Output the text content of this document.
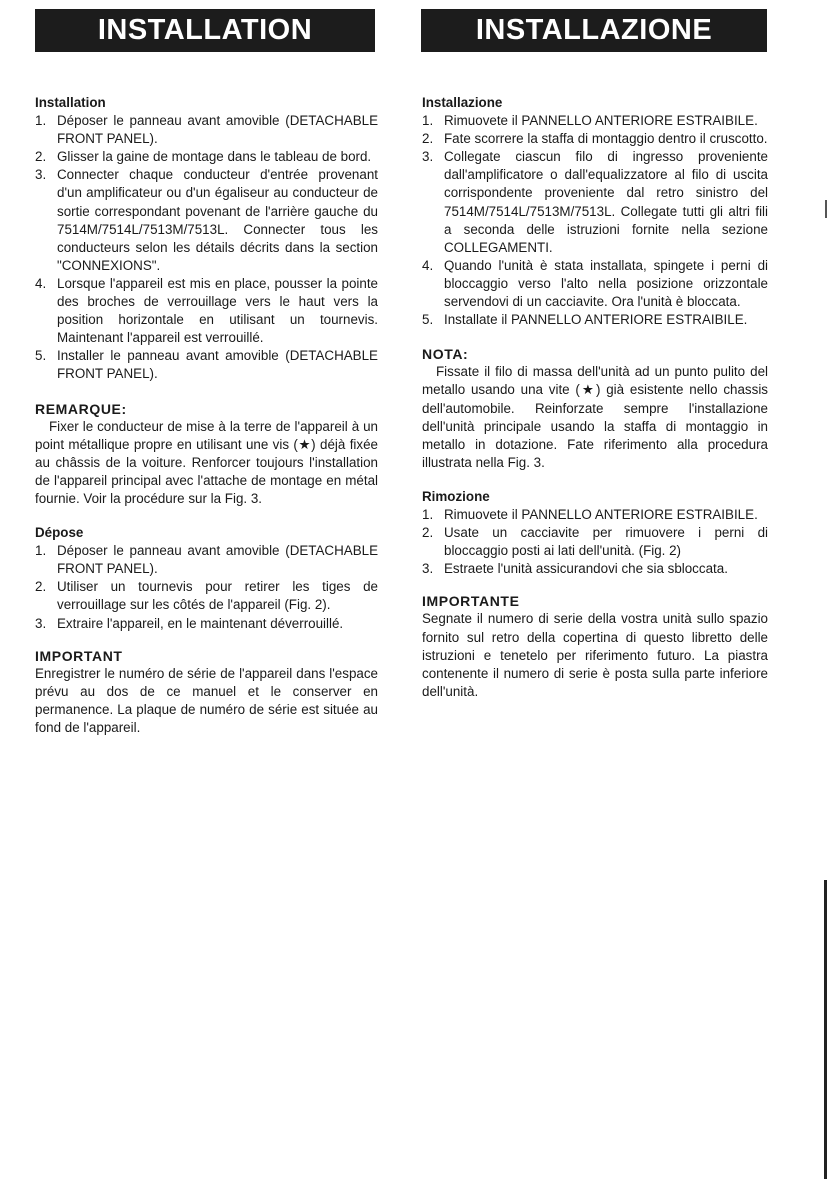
INSTALLATION	INSTALLAZIONE

Installation

1. Déposer le panneau avant amovible (DETACHABLE FRONT PANEL).
2. Glisser la gaine de montage dans le tableau de bord.
3. Connecter chaque conducteur d'entrée provenant d'un amplificateur ou d'un égaliseur au conducteur de sortie correspondant povenant de l'arrière gauche du 7514M/7514L/7513M/7513L. Connecter tous les conducteurs selon les détails décrits dans la section "CONNEXIONS".
4. Lorsque l'appareil est mis en place, pousser la pointe des broches de verrouillage vers le haut vers la position horizontale en utilisant un tournevis. Maintenant l'appareil est verrouillé.
5. Installer le panneau avant amovible (DETACHABLE FRONT PANEL).

REMARQUE:

Fixer le conducteur de mise à la terre de l'appareil à un point métallique propre en utilisant une vis (★) déjà fixée au châssis de la voiture. Renforcer toujours l'installation de l'appareil principal avec l'attache de montage en métal fournie. Voir la procédure sur la Fig. 3.

Dépose

1. Déposer le panneau avant amovible (DETACHABLE FRONT PANEL).
2. Utiliser un tournevis pour retirer les tiges de verrouillage sur les côtés de l'appareil (Fig. 2).
3. Extraire l'appareil, en le maintenant déverrouillé.

IMPORTANT

Enregistrer le numéro de série de l'appareil dans l'espace prévu au dos de ce manuel et le conserver en permanence. La plaque de numéro de série est située au fond de l'appareil.

Installazione

1. Rimuovete il PANNELLO ANTERIORE ESTRAIBILE.
2. Fate scorrere la staffa di montaggio dentro il cruscotto.
3. Collegate ciascun filo di ingresso proveniente dall'amplificatore o dall'equalizzatore al filo di uscita corrispondente proveniente dal retro sinistro del 7514M/7514L/7513M/7513L. Collegate tutti gli altri fili a seconda delle istruzioni fornite nella sezione COLLEGAMENTI.
4. Quando l'unità è stata installata, spingete i perni di bloccaggio verso l'alto nella posizione orizzontale servendovi di un cacciavite. Ora l'unità è bloccata.
5. Installate il PANNELLO ANTERIORE ESTRAIBILE.

NOTA:

Fissate il filo di massa dell'unità ad un punto pulito del metallo usando una vite (★) già esistente nello chassis dell'automobile. Reinforzate sempre l'installazione dell'unità principale usando la staffa di montaggio in metallo in dotazione. Fate riferimento alla procedura illustrata nella Fig. 3.

Rimozione

1. Rimuovete il PANNELLO ANTERIORE ESTRAIBILE.
2. Usate un cacciavite per rimuovere i perni di bloccaggio posti ai lati dell'unità. (Fig. 2)
3. Estraete l'unità assicurandovi che sia sbloccata.

IMPORTANTE

Segnate il numero di serie della vostra unità sullo spazio fornito sul retro della copertina di questo libretto delle istruzioni e tenetelo per riferimento futuro. La piastra contenente il numero di serie è posta sulla parte inferiore dell'unità.
